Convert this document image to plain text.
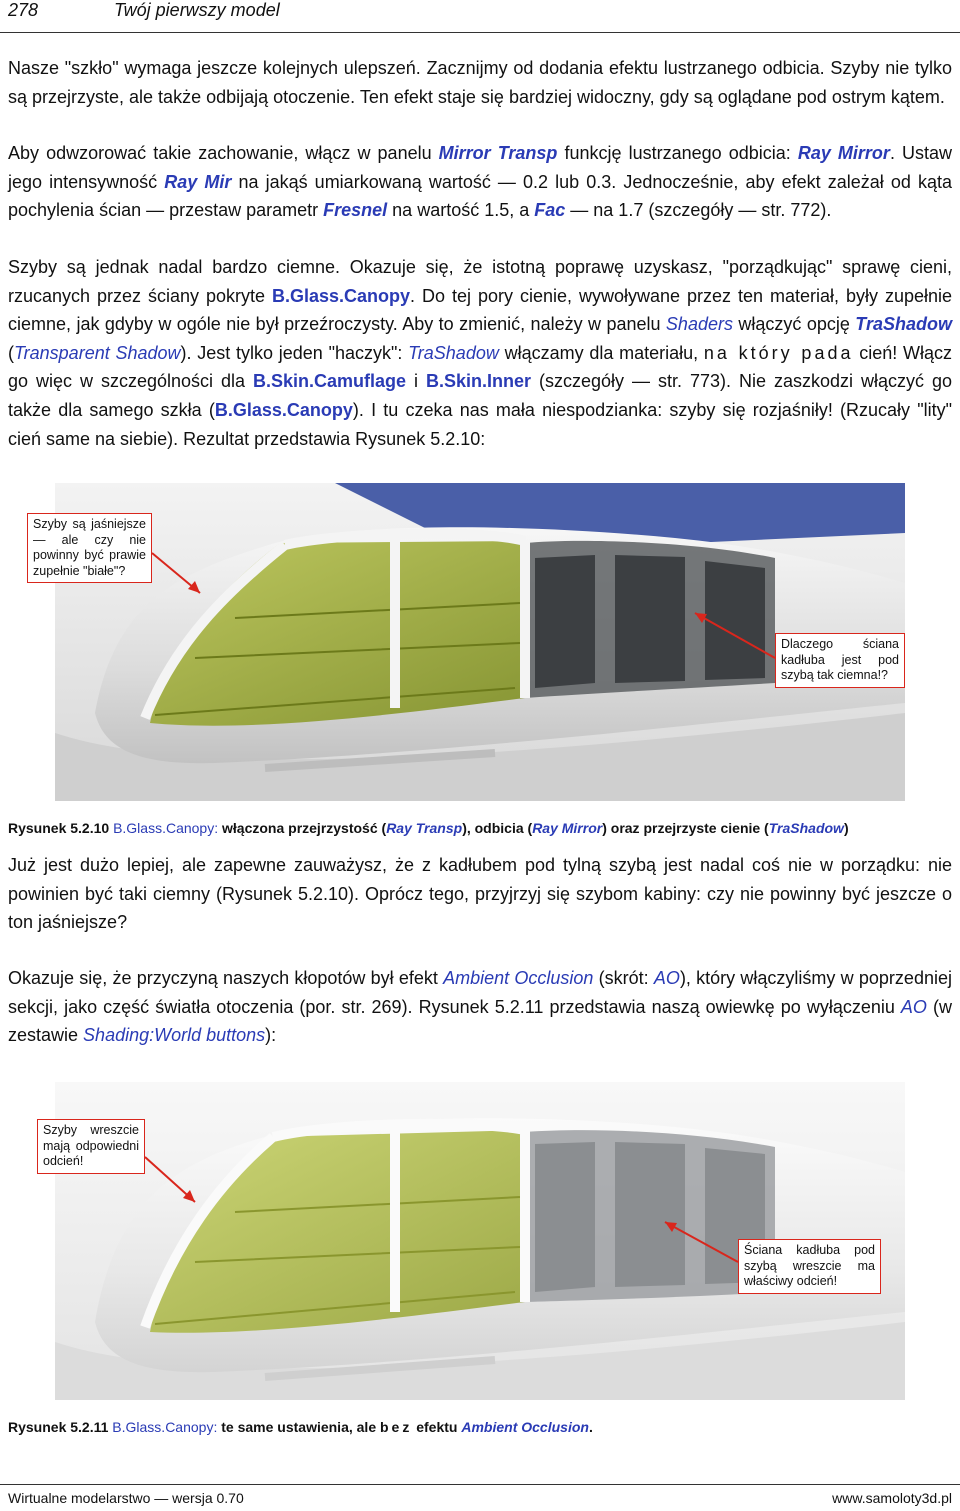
278	Twój pierwszy model
Nasze "szkło" wymaga jeszcze kolejnych ulepszeń. Zacznijmy od dodania efektu lustrzanego odbicia. Szyby nie tylko są przejrzyste, ale także odbijają otoczenie. Ten efekt staje się bardziej widoczny, gdy są oglądane pod ostrym kątem.
Aby odwzorować takie zachowanie, włącz w panelu Mirror Transp funkcję lustrzanego odbicia: Ray Mirror. Ustaw jego intensywność Ray Mir na jakąś umiarkowaną wartość — 0.2 lub 0.3. Jednocześnie, aby efekt zależał od kąta pochylenia ścian — przestaw parametr Fresnel na wartość 1.5, a Fac — na 1.7 (szczegóły — str. 772).
Szyby są jednak nadal bardzo ciemne. Okazuje się, że istotną poprawę uzyskasz, "porządkując" sprawę cieni, rzucanych przez ściany pokryte B.Glass.Canopy. Do tej pory cienie, wywoływane przez ten materiał, były zupełnie ciemne, jak gdyby w ogóle nie był przeźroczysty. Aby to zmienić, należy w panelu Shaders włączyć opcję TraShadow (Transparent Shadow). Jest tylko jeden "haczyk": TraShadow włączamy dla materiału, na który pada cień! Włącz go więc w szczególności dla B.Skin.Camuflage i B.Skin.Inner (szczegóły — str. 773). Nie zaszkodzi włączyć go także dla samego szkła (B.Glass.Canopy). I tu czeka nas mała niespodzianka: szyby się rozjaśniły! (Rzucały "lity" cień same na siebie). Rezultat przedstawia Rysunek 5.2.10:
Szyby są jaśniejsze — ale czy nie powinny być prawie zupełnie "białe"?
Dlaczego ściana kadłuba jest pod szybą tak ciemna!?
Rysunek 5.2.10 B.Glass.Canopy: włączona przejrzystość (Ray Transp), odbicia (Ray Mirror) oraz przejrzyste cienie (TraShadow)
Już jest dużo lepiej, ale zapewne zauważysz, że z kadłubem pod tylną szybą jest nadal coś nie w porządku: nie powinien być taki ciemny (Rysunek 5.2.10). Oprócz tego, przyjrzyj się szybom kabiny: czy nie powinny być jeszcze o ton jaśniejsze?
Okazuje się, że przyczyną naszych kłopotów był efekt Ambient Occlusion (skrót: AO), który włączyliśmy w poprzedniej sekcji, jako część światła otoczenia (por. str. 269). Rysunek 5.2.11 przedstawia naszą owiewkę po wyłączeniu AO (w zestawie Shading:World buttons):
Szyby wreszcie mają odpowiedni odcień!
Ściana kadłuba pod szybą wreszcie ma właściwy odcień!
Rysunek 5.2.11 B.Glass.Canopy: te same ustawienia, ale bez efektu Ambient Occlusion.
Wirtualne modelarstwo — wersja 0.70	www.samoloty3d.pl
